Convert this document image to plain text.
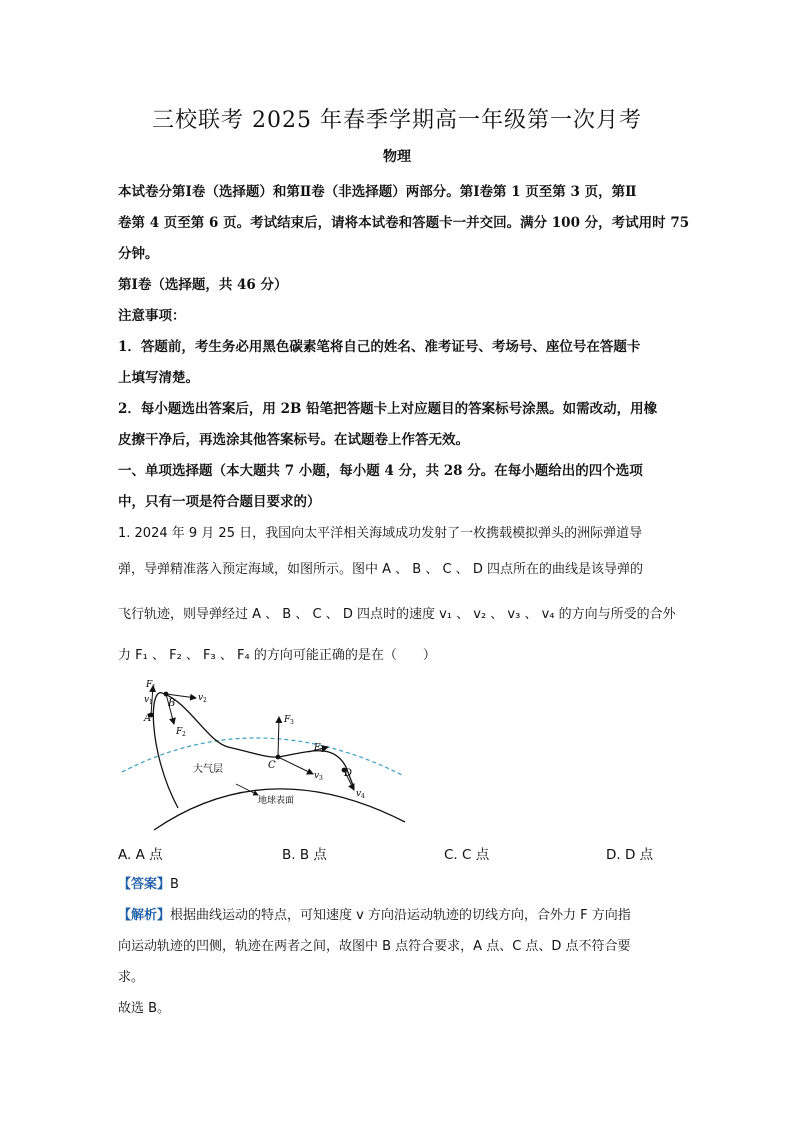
三校联考 2025 年春季学期高一年级第一次月考
物理
本试卷分第Ⅰ卷（选择题）和第Ⅱ卷（非选择题）两部分。第Ⅰ卷第 1 页至第 3 页，第Ⅱ
卷第 4 页至第 6 页。考试结束后，请将本试卷和答题卡一并交回。满分 100 分，考试用时 75
分钟。
第Ⅰ卷（选择题，共 46 分）
注意事项：
1．答题前，考生务必用黑色碳素笔将自己的姓名、准考证号、考场号、座位号在答题卡
上填写清楚。
2．每小题选出答案后，用 2B 铅笔把答题卡上对应题目的答案标号涂黑。如需改动，用橡
皮擦干净后，再选涂其他答案标号。在试题卷上作答无效。
一、单项选择题（本大题共 7 小题，每小题 4 分，共 28 分。在每小题给出的四个选项
中，只有一项是符合题目要求的）
1. 2024 年 9 月 25 日，我国向太平洋相关海域成功发射了一枚携载模拟弹头的洲际弹道导
弹，导弹精准落入预定海域，如图所示。图中 A 、 B 、 C 、 D 四点所在的曲线是该导弹的
飞行轨迹，则导弹经过 A 、 B 、 C 、 D 四点时的速度 v₁ 、 v₂ 、 v₃ 、 v₄ 的方向与所受的合外
力 F₁ 、 F₂ 、 F₃ 、 F₄ 的方向可能正确的是在（　　）
A
B
C
D
F 1
v 1	v 2
F 2
F 3
v 3
F 4
v 4
大气层
地球表面
A. A 点	B. B 点	C. C 点	D. D 点
【答案】B
【解析】根据曲线运动的特点，可知速度 v 方向沿运动轨迹的切线方向，合外力 F 方向指
向运动轨迹的凹侧，轨迹在两者之间，故图中 B 点符合要求，A 点、C 点、D 点不符合要
求。
故选 B。
